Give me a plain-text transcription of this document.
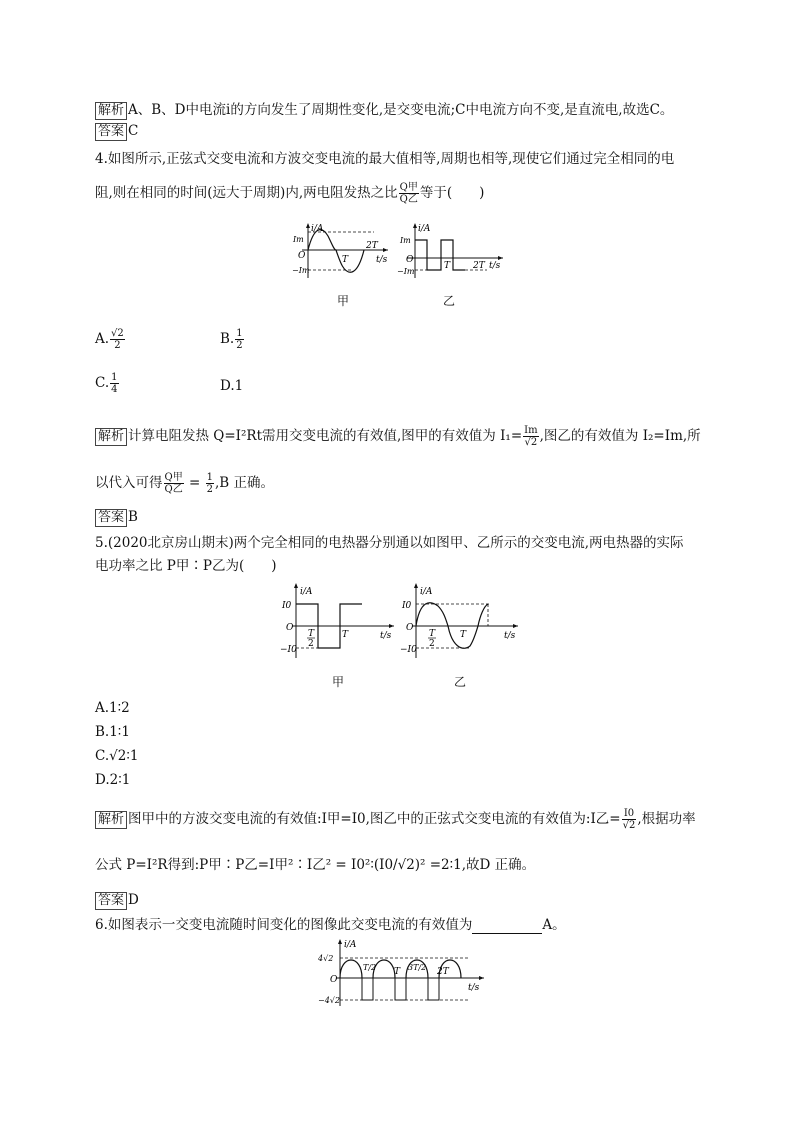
解析 A、B、D中电流i的方向发生了周期性变化,是交变电流;C中电流方向不变,是直流电,故选C。
答案 C
4.如图所示,正弦式交变电流和方波交变电流的最大值相等,周期也相等,现使它们通过完全相同的电
阻,则在相同的时间(远大于周期)内,两电阻发热之比 $\frac{\text{Q甲}}{\text{Q乙}}$ 等于(　　)
i/A
Im
O
−Im
T
2T
t/s
甲
i/A
Im
O
−Im
T	2T t/s
乙
A. $\frac{√2}{2}$	B. $\frac{1}{2}$
C. $\frac{1}{4}$	D.1
解析 计算电阻发热 Q=I²Rt需用交变电流的有效值,图甲的有效值为 $I_1= \frac{Im}{√2}$ ,图乙的有效值为 I₂=Im,所
以代入可得 $\frac{\text{Q甲}}{\text{Q乙}} = \frac{1}{2} ,B$ 正确。
答案 B
5.(2020北京房山期末)两个完全相同的电热器分别通以如图甲、乙所示的交变电流,两电热器的实际
电功率之比 P甲∶P乙为(　　)
i/A
I0
O
−I0
T
2
T	t/s
甲
i/A
I0
O
−I0
T
2
T	t/s
乙
A.1∶2
B.1∶1
C.√2∶1
D.2∶1
解析 图甲中的方波交变电流的有效值:I甲=I0,图乙中的正弦式交变电流的有效值为:I乙= $\frac{I0}{√2}$ ,根据功率
公式 P=I²R得到:P甲∶P乙=I甲²∶I乙² = I0²∶(I0/√2)² =2∶1,故D 正确。
答案 D
6.如图表示一交变电流随时间变化的图像此交变电流的有效值为	A。
i/A
4√2
O
−4√2
T/2 T 3T/2 2T
t/s
